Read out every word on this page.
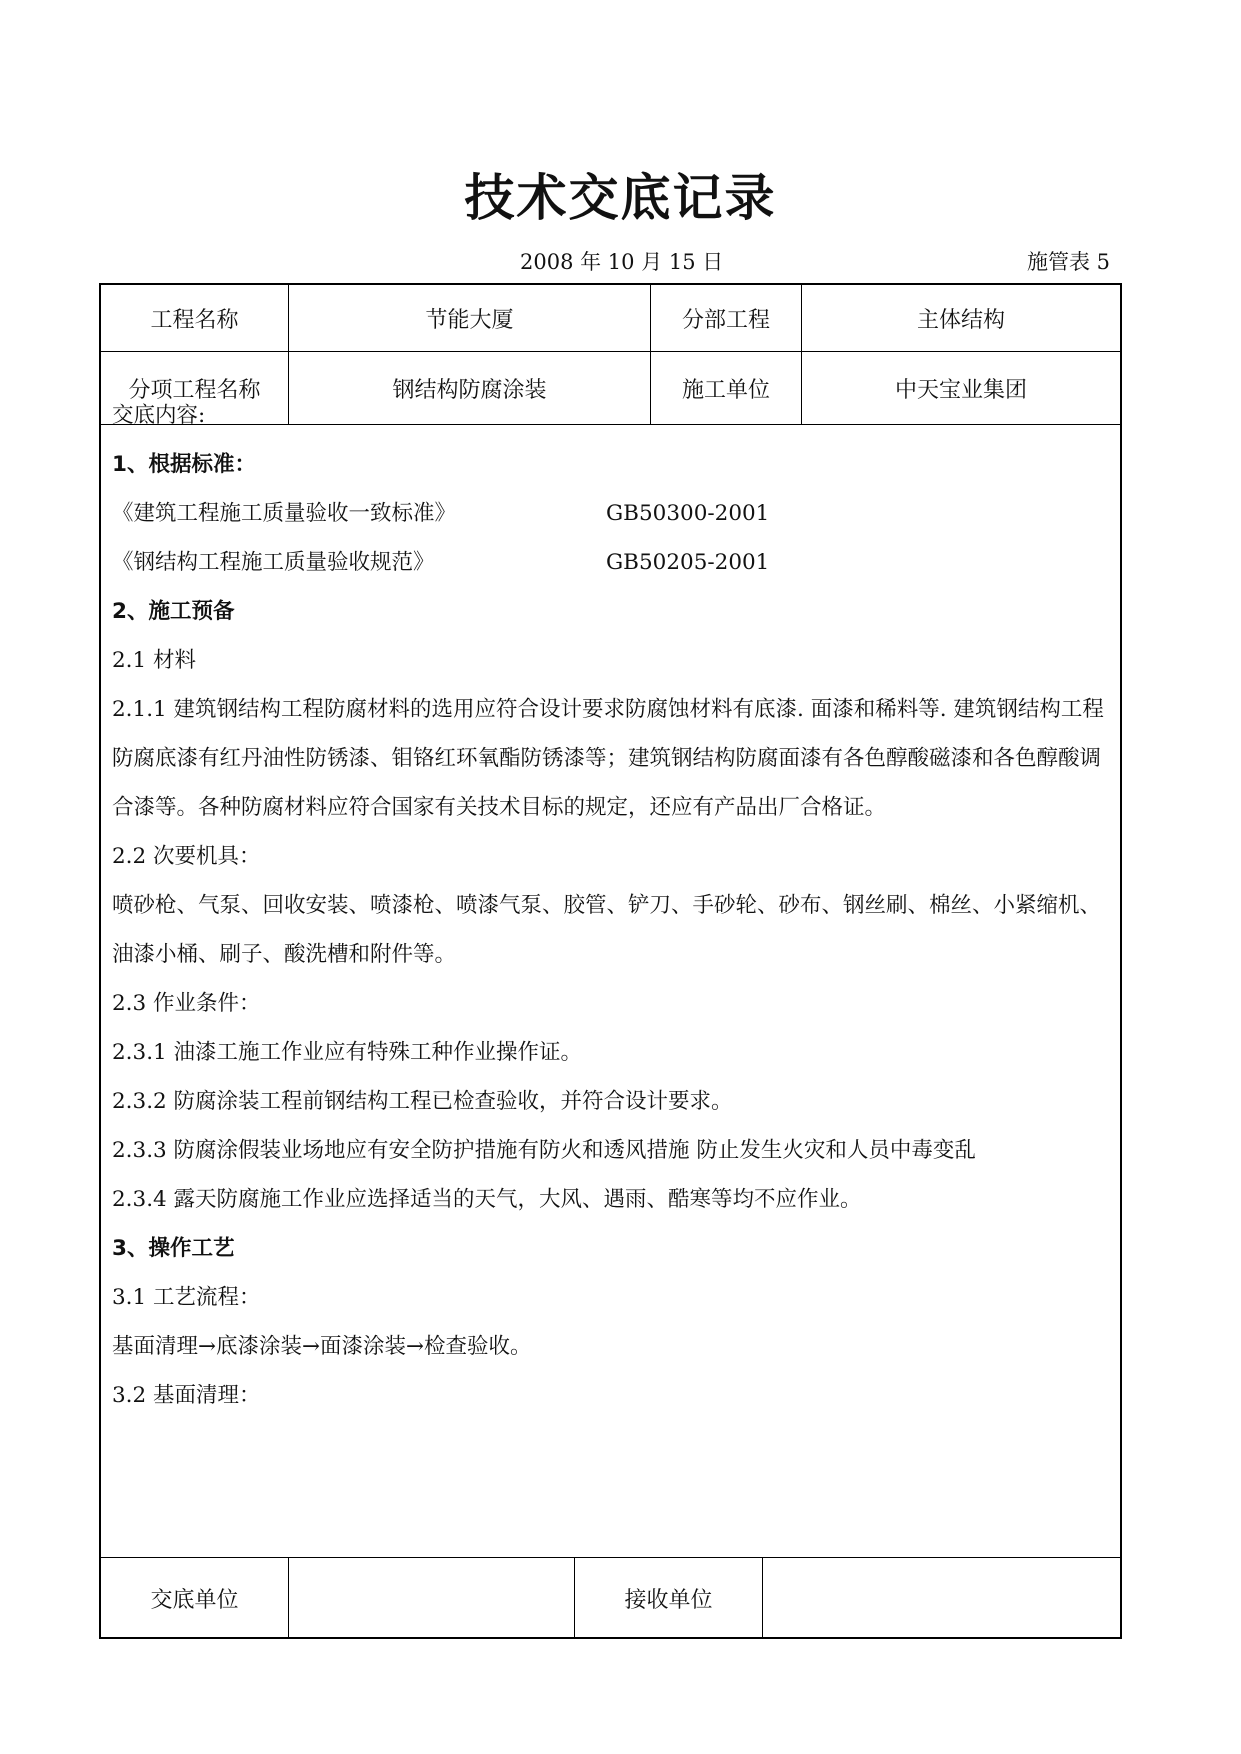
技术交底记录
2008 年 10 月 15 日	施管表 5
工程名称	节能大厦	分部工程	主体结构
分项工程名称	钢结构防腐涂装	施工单位	中天宝业集团

交底内容:

1、根据标准：

《建筑工程施工质量验收一致标准》	GB50300-2001

《钢结构工程施工质量验收规范》	GB50205-2001

2、施工预备

2.1 材料

2.1.1 建筑钢结构工程防腐材料的选用应符合设计要求防腐蚀材料有底漆. 面漆和稀料等. 建筑钢结构工程防腐底漆有红丹油性防锈漆、钼铬红环氧酯防锈漆等；建筑钢结构防腐面漆有各色醇酸磁漆和各色醇酸调合漆等。各种防腐材料应符合国家有关技术目标的规定，还应有产品出厂合格证。

2.2 次要机具：

喷砂枪、气泵、回收安装、喷漆枪、喷漆气泵、胶管、铲刀、手砂轮、砂布、钢丝刷、棉丝、小紧缩机、油漆小桶、刷子、酸洗槽和附件等。

2.3 作业条件：

2.3.1 油漆工施工作业应有特殊工种作业操作证。

2.3.2 防腐涂装工程前钢结构工程已检查验收，并符合设计要求。

2.3.3 防腐涂假装业场地应有安全防护措施有防火和透风措施 防止发生火灾和人员中毒变乱

2.3.4 露天防腐施工作业应选择适当的天气，大风、遇雨、酷寒等均不应作业。

3、操作工艺

3.1 工艺流程：

基面清理→底漆涂装→面漆涂装→检查验收。

3.2 基面清理：

交底单位	接收单位
